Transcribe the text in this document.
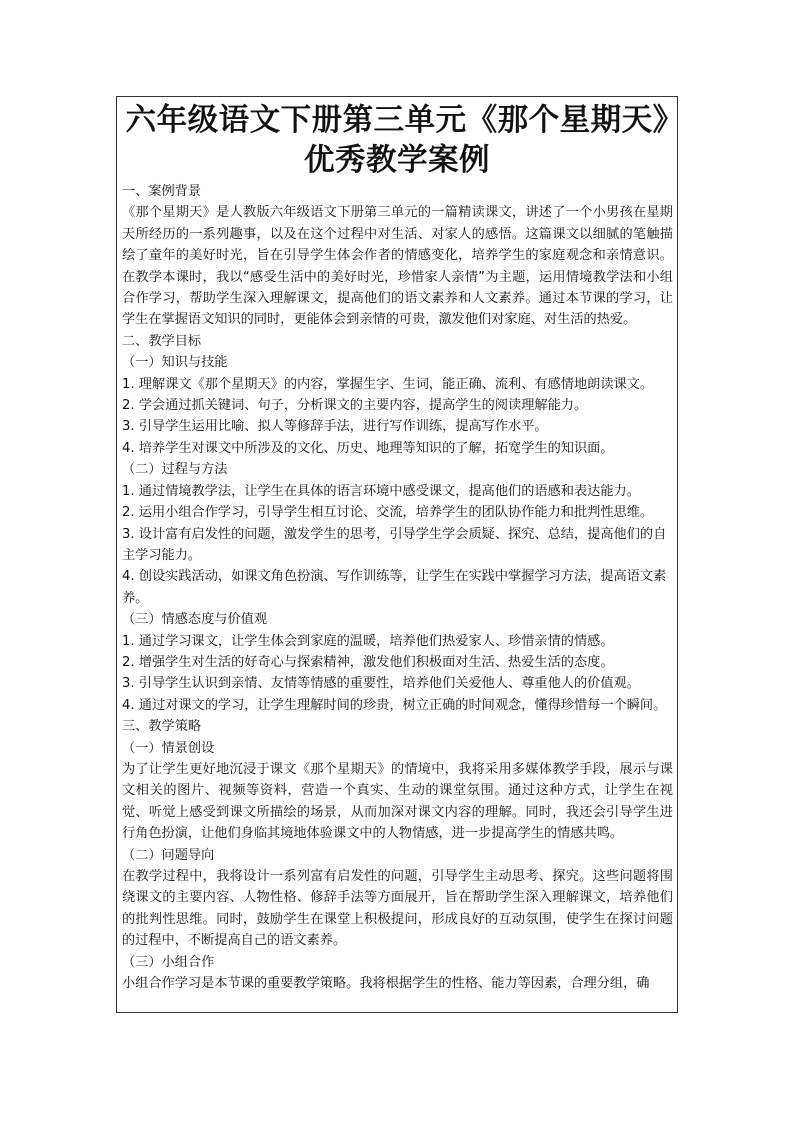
六年级语文下册第三单元《那个星期天》优秀教学案例
一、案例背景
《那个星期天》是人教版六年级语文下册第三单元的一篇精读课文，讲述了一个小男孩在星期天所经历的一系列趣事，以及在这个过程中对生活、对家人的感悟。这篇课文以细腻的笔触描绘了童年的美好时光，旨在引导学生体会作者的情感变化，培养学生的家庭观念和亲情意识。在教学本课时，我以“感受生活中的美好时光，珍惜家人亲情”为主题，运用情境教学法和小组合作学习，帮助学生深入理解课文，提高他们的语文素养和人文素养。通过本节课的学习，让学生在掌握语文知识的同时，更能体会到亲情的可贵，激发他们对家庭、对生活的热爱。
二、教学目标
（一）知识与技能
1. 理解课文《那个星期天》的内容，掌握生字、生词，能正确、流利、有感情地朗读课文。
2. 学会通过抓关键词、句子，分析课文的主要内容，提高学生的阅读理解能力。
3. 引导学生运用比喻、拟人等修辞手法，进行写作训练，提高写作水平。
4. 培养学生对课文中所涉及的文化、历史、地理等知识的了解，拓宽学生的知识面。
（二）过程与方法
1. 通过情境教学法，让学生在具体的语言环境中感受课文，提高他们的语感和表达能力。
2. 运用小组合作学习，引导学生相互讨论、交流，培养学生的团队协作能力和批判性思维。
3. 设计富有启发性的问题，激发学生的思考，引导学生学会质疑、探究、总结，提高他们的自主学习能力。
4. 创设实践活动，如课文角色扮演、写作训练等，让学生在实践中掌握学习方法，提高语文素养。
（三）情感态度与价值观
1. 通过学习课文，让学生体会到家庭的温暖，培养他们热爱家人、珍惜亲情的情感。
2. 增强学生对生活的好奇心与探索精神，激发他们积极面对生活、热爱生活的态度。
3. 引导学生认识到亲情、友情等情感的重要性，培养他们关爱他人、尊重他人的价值观。
4. 通过对课文的学习，让学生理解时间的珍贵，树立正确的时间观念，懂得珍惜每一个瞬间。
三、教学策略
（一）情景创设
为了让学生更好地沉浸于课文《那个星期天》的情境中，我将采用多媒体教学手段，展示与课文相关的图片、视频等资料，营造一个真实、生动的课堂氛围。通过这种方式，让学生在视觉、听觉上感受到课文所描绘的场景，从而加深对课文内容的理解。同时，我还会引导学生进行角色扮演，让他们身临其境地体验课文中的人物情感，进一步提高学生的情感共鸣。
（二）问题导向
在教学过程中，我将设计一系列富有启发性的问题，引导学生主动思考、探究。这些问题将围绕课文的主要内容、人物性格、修辞手法等方面展开，旨在帮助学生深入理解课文，培养他们的批判性思维。同时，鼓励学生在课堂上积极提问，形成良好的互动氛围，使学生在探讨问题的过程中，不断提高自己的语文素养。
（三）小组合作
小组合作学习是本节课的重要教学策略。我将根据学生的性格、能力等因素，合理分组，确
